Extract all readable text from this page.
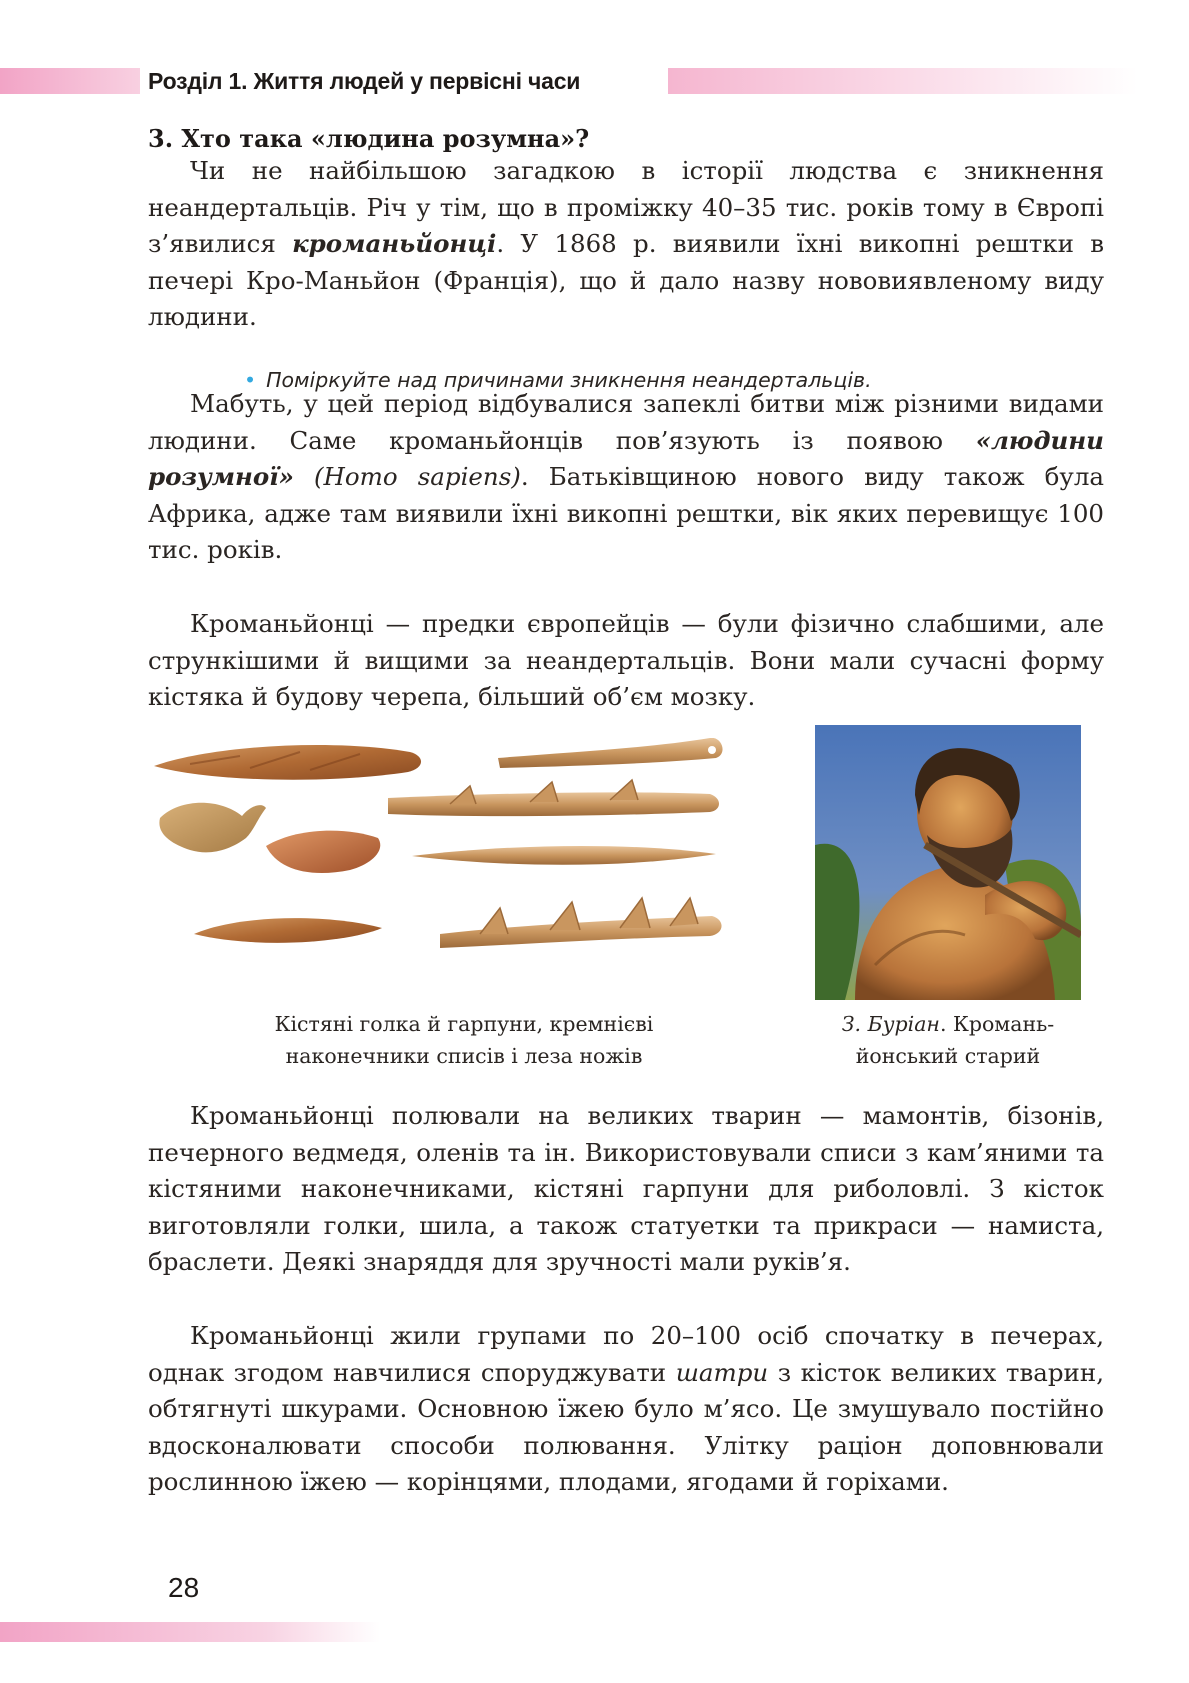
Розділ 1. Життя людей у первісні часи
3. Хто така «людина розумна»?

Чи не найбільшою загадкою в історії людства є зникнення неандертальців. Річ у тім, що в проміжку 40–35 тис. років тому в Європі з’явилися кроманьйонці. У 1868 р. виявили їхні викопні рештки в печері Кро-Маньйон (Франція), що й дало назву нововиявленому виду людини.

• Поміркуйте над причинами зникнення неандертальців.

Мабуть, у цей період відбувалися запеклі битви між різними видами людини. Саме кроманьйонців пов’язують із появою «людини розумної» (Homo sapiens). Батьківщиною нового виду також була Африка, адже там виявили їхні викопні рештки, вік яких перевищує 100 тис. років.

Кроманьйонці — предки європейців — були фізично слабшими, але стрункішими й вищими за неандертальців. Вони мали сучасні форму кістяка й будову черепа, більший об’єм мозку.

Кістяні голка й гарпуни, кремнієві
наконечники списів і леза ножів
З. Буріан. Кромань-
йонський старий

Кроманьйонці полювали на великих тварин — мамонтів, бізонів, печерного ведмедя, оленів та ін. Використовували списи з кам’яними та кістяними наконечниками, кістяні гарпуни для риболовлі. З кісток виготовляли голки, шила, а також статуетки та прикраси — намиста, браслети. Деякі знаряддя для зручності мали руків’я.

Кроманьйонці жили групами по 20–100 осіб спочатку в печерах, однак згодом навчилися споруджувати шатри з кісток великих тварин, обтягнуті шкурами. Основною їжею було м’ясо. Це змушувало постійно вдосконалювати способи полювання. Улітку раціон доповнювали рослинною їжею — корінцями, плодами, ягодами й горіхами.

28
